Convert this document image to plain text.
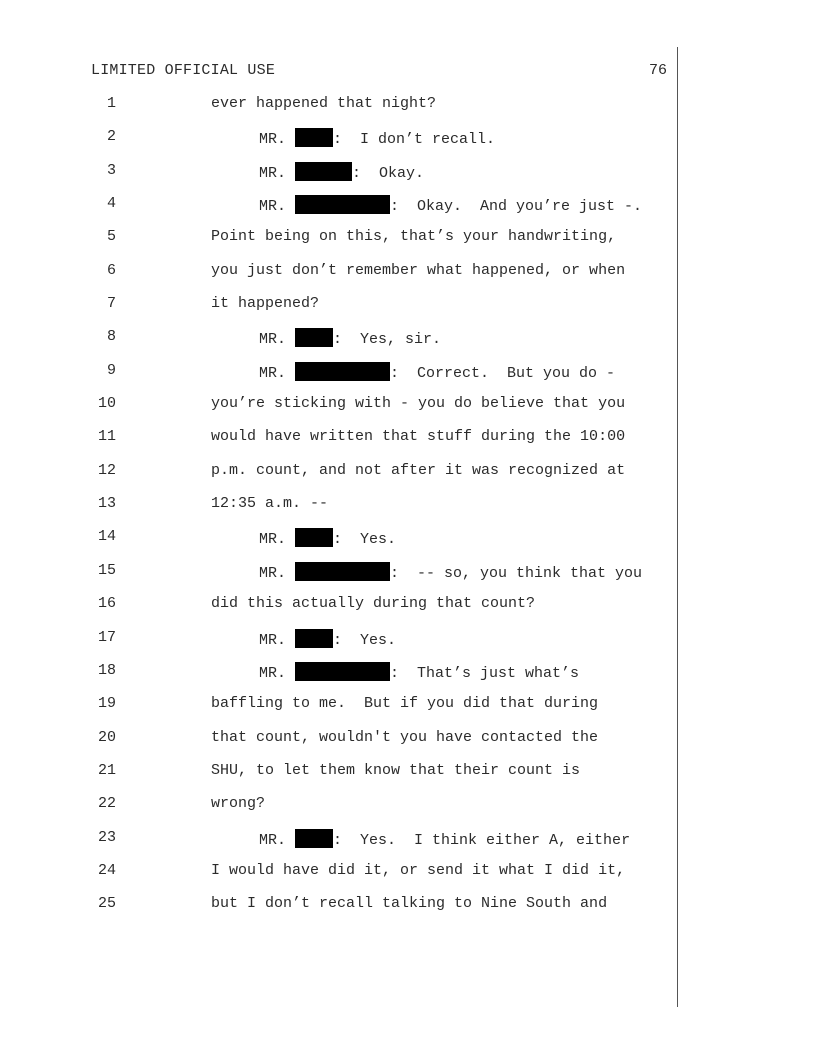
LIMITED OFFICIAL USE	76

1

	ever happened that night?

2

	MR.	:  I don’t recall.

3

	MR.	:  Okay.

4

	MR.	:  Okay.  And you’re just -.

5

	Point being on this, that’s your handwriting,

6

	you just don’t remember what happened, or when

7

	it happened?

8

	MR.	:  Yes, sir.

9

	MR.	:  Correct.  But you do -

10

	you’re sticking with - you do believe that you

11

	would have written that stuff during the 10:00

12

	p.m. count, and not after it was recognized at

13

	12:35 a.m. --

14

	MR.	:  Yes.

15

	MR.	:  -- so, you think that you

16

	did this actually during that count?

17

	MR.	:  Yes.

18

	MR.	:  That’s just what’s

19

	baffling to me.  But if you did that during

20

	that count, wouldn't you have contacted the

21

	SHU, to let them know that their count is

22

	wrong?

23

	MR.	:  Yes.  I think either A, either

24

	I would have did it, or send it what I did it,

25

	but I don’t recall talking to Nine South and
